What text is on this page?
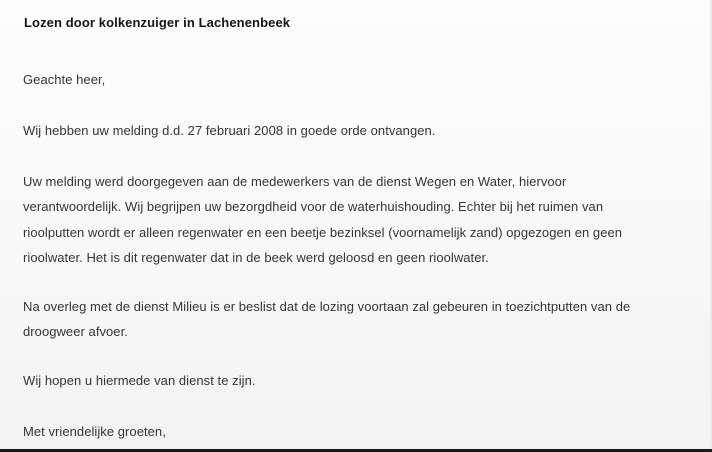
Lozen door kolkenzuiger in Lachenenbeek
Geachte heer,
Wij hebben uw melding d.d. 27 februari 2008 in goede orde ontvangen.
Uw melding werd doorgegeven aan de medewerkers van de dienst Wegen en Water, hiervoor
verantwoordelijk. Wij begrijpen uw bezorgdheid voor de waterhuishouding. Echter bij het ruimen van
rioolputten wordt er alleen regenwater en een beetje bezinksel (voornamelijk zand) opgezogen en geen
rioolwater. Het is dit regenwater dat in de beek werd geloosd en geen rioolwater.
Na overleg met de dienst Milieu is er beslist dat de lozing voortaan zal gebeuren in toezichtputten van de
droogweer afvoer.
Wij hopen u hiermede van dienst te zijn.
Met vriendelijke groeten,
